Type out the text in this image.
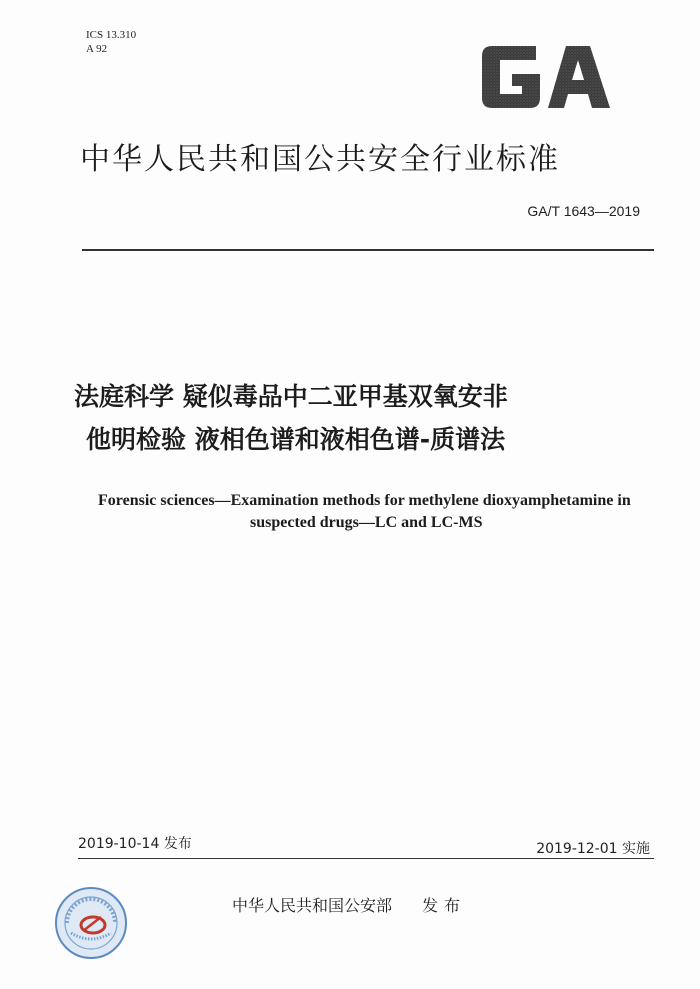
ICS 13.310
A 92
GA
中华人民共和国公共安全行业标准
GA/T 1643—2019
法庭科学 疑似毒品中二亚甲基双氧安非
他明检验 液相色谱和液相色谱-质谱法
Forensic sciences—Examination methods for methylene dioxyamphetamine in
suspected drugs—LC and LC-MS
2019-10-14 发布	2019-12-01 实施
中华人民共和国公安部 发布
